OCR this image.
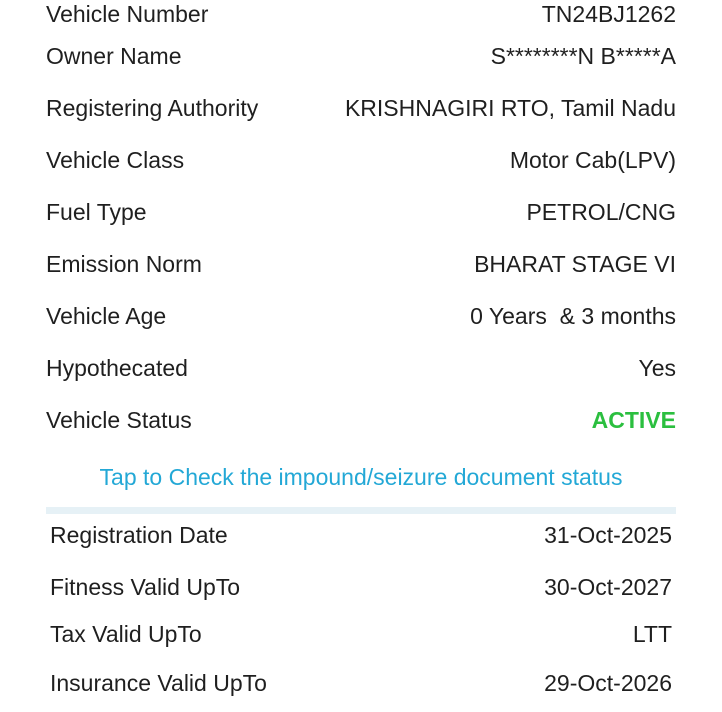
Vehicle Number	TN24BJ1262
Owner Name	S********N B*****A
Registering Authority	KRISHNAGIRI RTO, Tamil Nadu
Vehicle Class	Motor Cab(LPV)
Fuel Type	PETROL/CNG
Emission Norm	BHARAT STAGE VI
Vehicle Age	0 Years  & 3 months
Hypothecated	Yes
Vehicle Status	ACTIVE
Tap to Check the impound/seizure document status
Registration Date	31-Oct-2025
Fitness Valid UpTo	30-Oct-2027
Tax Valid UpTo	LTT
Insurance Valid UpTo	29-Oct-2026
